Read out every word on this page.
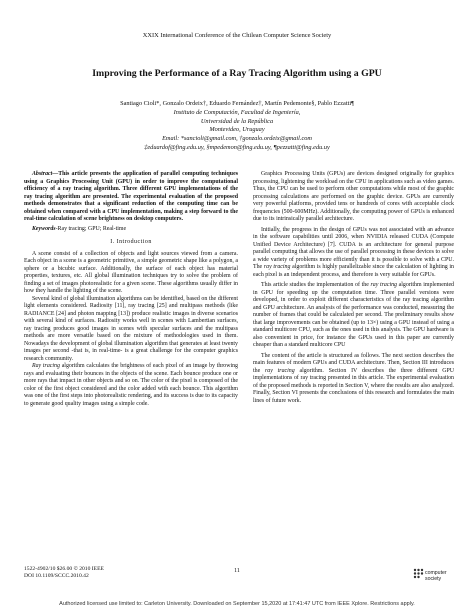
XXIX International Conference of the Chilean Computer Science Society
Improving the Performance of a Ray Tracing Algorithm using a GPU
Santiago Cioli*, Gonzalo Ordeix†, Eduardo Fernández†, Martín Pedemonte§, Pablo Ezzatti¶
Instituto de Computación, Facultad de Ingeniería,
Universidad de la República
Montevideo, Uruguay
Email: *sancioli@gmail.com, †gonzalo.ordeix@gmail.com
‡eduardof@fing.edu.uy, §mpedemon@fing.edu.uy, ¶pezzatti@fing.edu.uy

Abstract—This article presents the application of parallel computing techniques using a Graphics Processing Unit (GPU) in order to improve the computational efficiency of a ray tracing algorithm. Three different GPU implementations of the ray tracing algorithm are presented. The experimental evaluation of the proposed methods demonstrates that a significant reduction of the computing time can be obtained when compared with a CPU implementation, making a step forward to the real-time calculation of scene brightness on desktop computers.

Keywords-Ray tracing; GPU; Real-time

I. Introduction

A scene consist of a collection of objects and light sources viewed from a camera. Each object in a scene is a geometric primitive, a simple geometric shape like a polygon, a sphere or a bicubic surface. Additionally, the surface of each object has material properties, textures, etc. All global illumination techniques try to solve the problem of finding a set of images photorealistic for a given scene. These algorithms usually differ in how they handle the lighting of the scene.

Several kind of global illumination algorithms can be identified, based on the different light elements considered. Radiosity [11], ray tracing [25] and multipass methods (like RADIANCE [24] and photon mapping [13]) produce realistic images in diverse scenarios with several kind of surfaces. Radiosity works well in scenes with Lambertian surfaces, ray tracing produces good images in scenes with specular surfaces and the multipass methods are more versatile based on the mixture of methodologies used in them. Nowadays the development of global illumination algorithm that generates at least twenty images per second -that is, in real-time- is a great challenge for the computer graphics research community.

Ray tracing algorithm calculates the brightness of each pixel of an image by throwing rays and evaluating their bounces in the objects of the scene. Each bounce produce one or more rays that impact in other objects and so on. The color of the pixel is composed of the color of the first object considered and the color added with each bounce. This algorithm was one of the first steps into photorealistic rendering, and its success is due to its capacity to generate good quality images using a simple code.

Graphics Processing Units (GPUs) are devices designed originally for graphics processing, lightening the workload on the CPU in applications such as video games. Thus, the CPU can be used to perform other computations while most of the graphic processing calculations are performed on the graphic device. GPUs are currently very powerful platforms, provided tens or hundreds of cores with acceptable clock frequencies (500-600MHz). Additionally, the computing power of GPUs is enhanced due to its intrinsically parallel architecture.

Initially, the progress in the design of GPUs was not associated with an advance in the software capabilities until 2006, when NVIDIA released CUDA (Compute Unified Device Architecture) [7]. CUDA is an architecture for general purpose parallel computing that allows the use of parallel processing in these devices to solve a wide variety of problems more efficiently than it is possible to solve with a CPU. The ray tracing algorithm is highly parallelizable since the calculation of lighting in each pixel is an independent process, and therefore is very suitable for GPUs.

This article studies the implementation of the ray tracing algorithm implemented in GPU for speeding up the computation time. Three parallel versions were developed, in order to exploit different characteristics of the ray tracing algorithm and GPU architecture. An analysis of the performance was conducted, measuring the number of frames that could be calculated per second. The preliminary results show that large improvements can be obtained (up to 13×) using a GPU instead of using a standard multicore CPU, such as the ones used in this analysis. The GPU hardware is also convenient in price, for instance the GPUs used in this paper are currently cheaper than a standard multicore CPU

The content of the article is structured as follows. The next section describes the main features of modern GPUs and CUDA architecture. Then, Section III introduces the ray tracing algorithm. Section IV describes the three different GPU implementations of ray tracing presented in this article. The experimental evaluation of the proposed methods is reported in Section V, where the results are also analyzed. Finally, Section VI presents the conclusions of this research and formulates the main lines of future work.

1522-4902/10 $26.00 © 2010 IEEE
DOI 10.1109/SCCC.2010.42
11	computer
society
Authorized licensed use limited to: Carleton University. Downloaded on September 15,2020 at 17:41:47 UTC from IEEE Xplore. Restrictions apply.
